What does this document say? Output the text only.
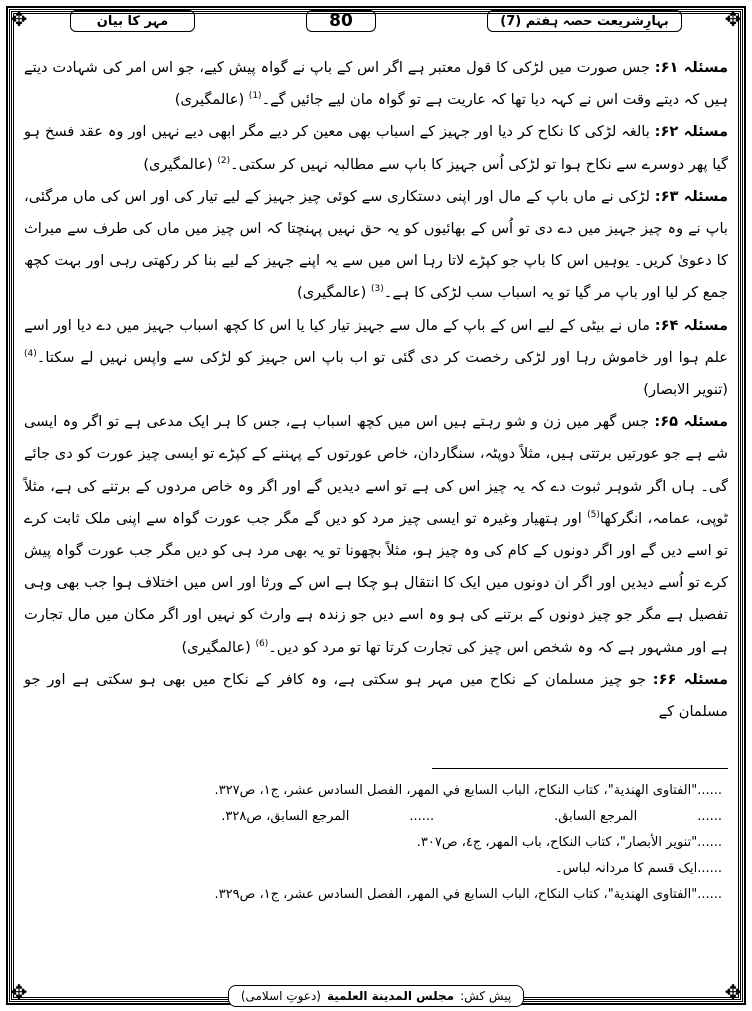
✥	✥
✥	✥
بہارِشریعت حصہ ہفتم (7)
80
مہر کا بیان

مسئلہ ۶۱: جس صورت میں لڑکی کا قول معتبر ہے اگر اس کے باپ نے گواہ پیش کیے، جو اس امر کی شہادت دیتے ہیں کہ دیتے وقت اس نے کہہ دیا تھا کہ عاریت ہے تو گواہ مان لیے جائیں گے۔$^{(1)}$ (عالمگیری)

مسئلہ ۶۲: بالغہ لڑکی کا نکاح کر دیا اور جہیز کے اسباب بھی معین کر دیے مگر ابھی دیے نہیں اور وہ عقد فسخ ہو گیا پھر دوسرے سے نکاح ہوا تو لڑکی اُس جہیز کا باپ سے مطالبہ نہیں کر سکتی۔$^{(2)}$ (عالمگیری)

مسئلہ ۶۳: لڑکی نے ماں باپ کے مال اور اپنی دستکاری سے کوئی چیز جہیز کے لیے تیار کی اور اس کی ماں مرگئی، باپ نے وہ چیز جہیز میں دے دی تو اُس کے بھائیوں کو یہ حق نہیں پہنچتا کہ اس چیز میں ماں کی طرف سے میراث کا دعویٰ کریں۔ یوہیں اس کا باپ جو کپڑے لاتا رہا اس میں سے یہ اپنے جہیز کے لیے بنا کر رکھتی رہی اور بہت کچھ جمع کر لیا اور باپ مر گیا تو یہ اسباب سب لڑکی کا ہے۔$^{(3)}$ (عالمگیری)

مسئلہ ۶۴: ماں نے بیٹی کے لیے اس کے باپ کے مال سے جہیز تیار کیا یا اس کا کچھ اسباب جہیز میں دے دیا اور اسے علم ہوا اور خاموش رہا اور لڑکی رخصت کر دی گئی تو اب باپ اس جہیز کو لڑکی سے واپس نہیں لے سکتا۔$^{(4)}$ (تنویر الابصار)

مسئلہ ۶۵: جس گھر میں زن و شو رہتے ہیں اس میں کچھ اسباب ہے، جس کا ہر ایک مدعی ہے تو اگر وہ ایسی شے ہے جو عورتیں برتتی ہیں، مثلاً دوپٹہ، سنگاردان، خاص عورتوں کے پہننے کے کپڑے تو ایسی چیز عورت کو دی جائے گی۔ ہاں اگر شوہر ثبوت دے کہ یہ چیز اس کی ہے تو اسے دیدیں گے اور اگر وہ خاص مردوں کے برتنے کی ہے، مثلاً ٹوپی، عمامہ، انگرکھا$^{(5)}$ اور ہتھیار وغیرہ تو ایسی چیز مرد کو دیں گے مگر جب عورت گواہ سے اپنی ملک ثابت کرے تو اسے دیں گے اور اگر دونوں کے کام کی وہ چیز ہو، مثلاً بچھونا تو یہ بھی مرد ہی کو دیں مگر جب عورت گواہ پیش کرے تو اُسے دیدیں اور اگر ان دونوں میں ایک کا انتقال ہو چکا ہے اس کے ورثا اور اس میں اختلاف ہوا جب بھی وہی تفصیل ہے مگر جو چیز دونوں کے برتنے کی ہو وہ اسے دیں جو زندہ ہے وارث کو نہیں اور اگر مکان میں مال تجارت ہے اور مشہور ہے کہ وہ شخص اس چیز کی تجارت کرتا تھا تو مرد کو دیں۔$^{(6)}$ (عالمگیری)

مسئلہ ۶۶: جو چیز مسلمان کے نکاح میں مہر ہو سکتی ہے، وہ کافر کے نکاح میں بھی ہو سکتی ہے اور جو مسلمان کے

......"الفتاوى الهندية"، كتاب النكاح، الباب السابع في المهر، الفصل السادس عشر، ج١، ص٣٢٧.
......المرجع السابق.
......المرجع السابق، ص٣٢٨.
......"تنوير الأبصار"، كتاب النكاح، باب المهر، ج٤، ص٣٠٧.
......ایک قسم کا مردانہ لباس۔
......"الفتاوى الهندية"، كتاب النكاح، الباب السابع في المهر، الفصل السادس عشر، ج١، ص٣٢٩.
پیش کش:
مجلس المدينة العلمية
(دعوتِ اسلامی)
